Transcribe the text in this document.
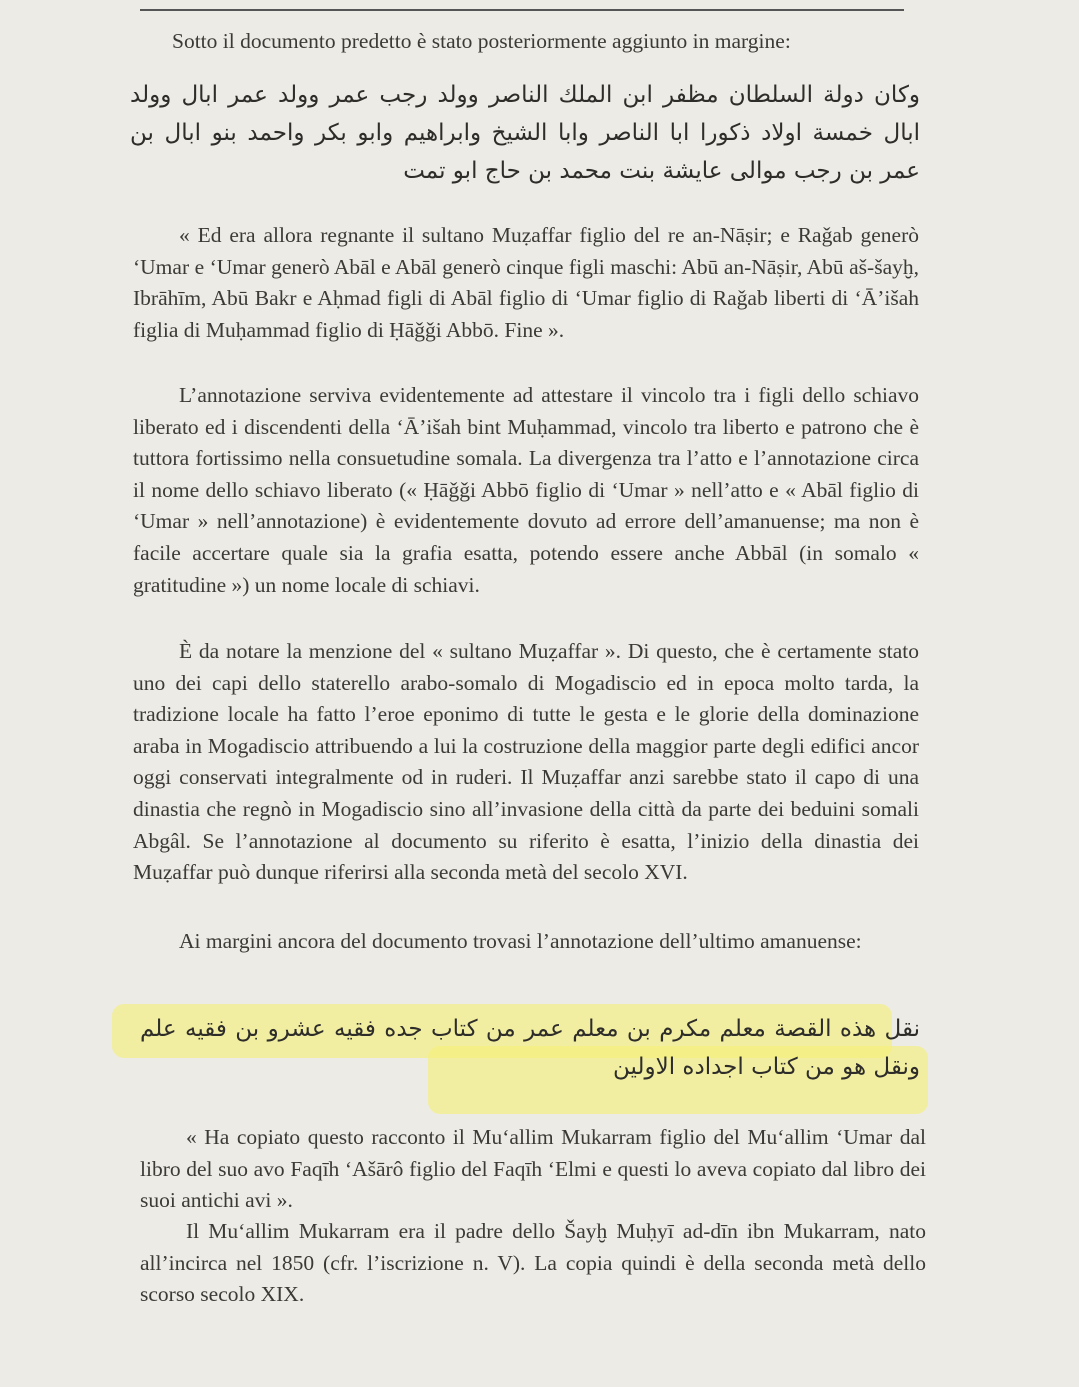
Sotto il documento predetto è stato posteriormente aggiunto in margine:

وكان دولة السلطان مظفر ابن الملك الناصر وولد رجب عمر وولد عمر ابال وولد ابال خمسة اولاد ذكورا ابا الناصر وابا الشيخ وابراهيم وابو بكر واحمد بنو ابال بن عمر بن رجب موالى عايشة بنت محمد بن حاج ابو تمت

« Ed era allora regnante il sultano Muẓaffar figlio del re an-Nāṣir; e Raǧab generò ‘Umar e ‘Umar generò Abāl e Abāl generò cinque figli maschi: Abū an-Nāṣir, Abū aš-šayḫ, Ibrāhīm, Abū Bakr e Aḥmad figli di Abāl figlio di ‘Umar figlio di Raǧab liberti di ‘Ā’išah figlia di Muḥammad figlio di Ḥāǧǧi Abbō. Fine ».

L’annotazione serviva evidentemente ad attestare il vincolo tra i figli dello schiavo liberato ed i discendenti della ‘Ā’išah bint Muḥammad, vincolo tra liberto e patrono che è tuttora fortissimo nella consuetudine somala. La divergenza tra l’atto e l’annotazione circa il nome dello schiavo liberato (« Ḥāǧǧi Abbō figlio di ‘Umar » nell’atto e « Abāl figlio di ‘Umar » nell’annotazione) è evidentemente dovuto ad errore dell’amanuense; ma non è facile accertare quale sia la grafia esatta, potendo essere anche Abbāl (in somalo « gratitudine ») un nome locale di schiavi.

È da notare la menzione del « sultano Muẓaffar ». Di questo, che è certamente stato uno dei capi dello staterello arabo-somalo di Mogadiscio ed in epoca molto tarda, la tradizione locale ha fatto l’eroe eponimo di tutte le gesta e le glorie della dominazione araba in Mogadiscio attribuendo a lui la costruzione della maggior parte degli edifici ancor oggi conservati integralmente od in ruderi. Il Muẓaffar anzi sarebbe stato il capo di una dinastia che regnò in Mogadiscio sino all’invasione della città da parte dei beduini somali Abgâl. Se l’annotazione al documento su riferito è esatta, l’inizio della dinastia dei Muẓaffar può dunque riferirsi alla seconda metà del secolo XVI.

Ai margini ancora del documento trovasi l’annotazione dell’ultimo amanuense:

نقل هذه القصة معلم مكرم بن معلم عمر من كتاب جده فقيه عشرو بن فقيه علم ونقل هو من كتاب اجداده الاولين

« Ha copiato questo racconto il Mu‘allim Mukarram figlio del Mu‘allim ‘Umar dal libro del suo avo Faqīh ‘Ašārô figlio del Faqīh ‘Elmi e questi lo aveva copiato dal libro dei suoi antichi avi ».

Il Mu‘allim Mukarram era il padre dello Šayḫ Muḥyī ad-dīn ibn Mukarram, nato all’incirca nel 1850 (cfr. l’iscrizione n. V). La copia quindi è della seconda metà dello scorso secolo XIX.
